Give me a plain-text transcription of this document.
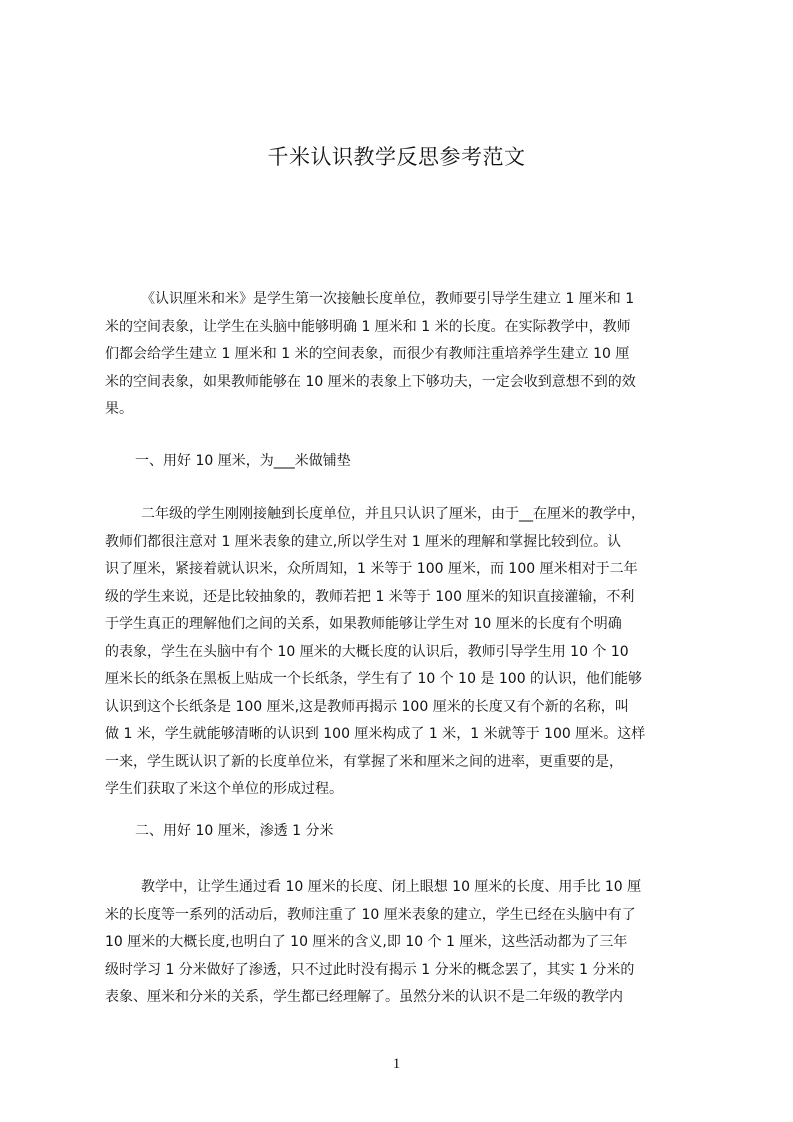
千米认识教学反思参考范文
《认识厘米和米》是学生第一次接触长度单位，教师要引导学生建立 1 厘米和 1
米的空间表象，让学生在头脑中能够明确 1 厘米和 1 米的长度。在实际教学中，教师
们都会给学生建立 1 厘米和 1 米的空间表象，而很少有教师注重培养学生建立 10 厘
米的空间表象，如果教师能够在 10 厘米的表象上下够功夫，一定会收到意想不到的效
果。
一、用好 10 厘米，为___米做铺垫
二年级的学生刚刚接触到长度单位，并且只认识了厘米，由于__在厘米的教学中，
教师们都很注意对 1 厘米表象的建立,所以学生对 1 厘米的理解和掌握比较到位。认
识了厘米，紧接着就认识米，众所周知，1 米等于 100 厘米，而 100 厘米相对于二年
级的学生来说，还是比较抽象的，教师若把 1 米等于 100 厘米的知识直接灌输，不利
于学生真正的理解他们之间的关系，如果教师能够让学生对 10 厘米的长度有个明确
的表象，学生在头脑中有个 10 厘米的大概长度的认识后，教师引导学生用 10 个 10
厘米长的纸条在黑板上贴成一个长纸条，学生有了 10 个 10 是 100 的认识，他们能够
认识到这个长纸条是 100 厘米,这是教师再揭示 100 厘米的长度又有个新的名称，叫
做 1 米，学生就能够清晰的认识到 100 厘米构成了 1 米，1 米就等于 100 厘米。这样
一来，学生既认识了新的长度单位米，有掌握了米和厘米之间的进率，更重要的是，
学生们获取了米这个单位的形成过程。
二、用好 10 厘米，渗透 1 分米
教学中，让学生通过看 10 厘米的长度、闭上眼想 10 厘米的长度、用手比 10 厘
米的长度等一系列的活动后，教师注重了 10 厘米表象的建立，学生已经在头脑中有了
10 厘米的大概长度,也明白了 10 厘米的含义,即 10 个 1 厘米，这些活动都为了三年
级时学习 1 分米做好了渗透，只不过此时没有揭示 1 分米的概念罢了，其实 1 分米的
表象、厘米和分米的关系，学生都已经理解了。虽然分米的认识不是二年级的教学内
1
